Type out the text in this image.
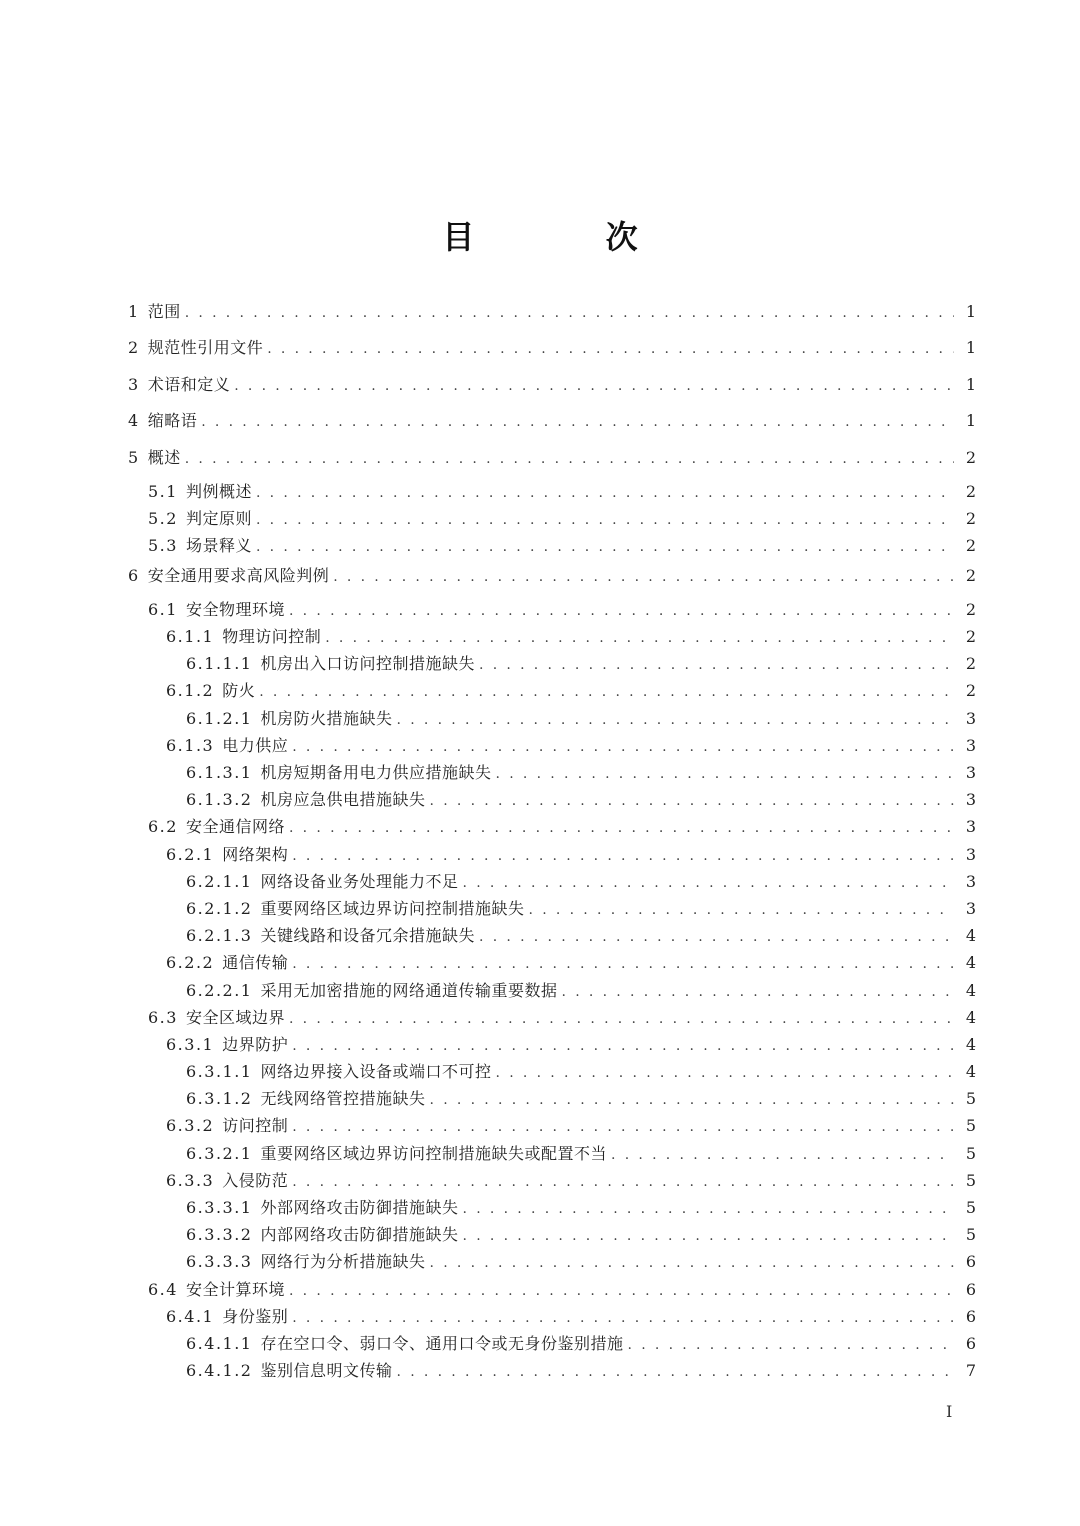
目 次
1 范围 . . .	1
2 规范性引用文件 . . .	1
3 术语和定义 . . .	1
4 缩略语 . . .	1
5 概述 . . .	2
5.1 判例概述 . . .	2
5.2 判定原则 . . .	2
5.3 场景释义 . . .	2
6 安全通用要求高风险判例 . . .	2
6.1 安全物理环境 . . .	2
6.1.1 物理访问控制 . . .	2
6.1.1.1 机房出入口访问控制措施缺失 . . .	2
6.1.2 防火 . . .	2
6.1.2.1 机房防火措施缺失 . . .	3
6.1.3 电力供应 . . .	3
6.1.3.1 机房短期备用电力供应措施缺失 . . .	3
6.1.3.2 机房应急供电措施缺失 . . .	3
6.2 安全通信网络 . . .	3
6.2.1 网络架构 . . .	3
6.2.1.1 网络设备业务处理能力不足 . . .	3
6.2.1.2 重要网络区域边界访问控制措施缺失 . . .	3
6.2.1.3 关键线路和设备冗余措施缺失 . . .	4
6.2.2 通信传输 . . .	4
6.2.2.1 采用无加密措施的网络通道传输重要数据 . . .	4
6.3 安全区域边界 . . .	4
6.3.1 边界防护 . . .	4
6.3.1.1 网络边界接入设备或端口不可控 . . .	4
6.3.1.2 无线网络管控措施缺失 . . .	5
6.3.2 访问控制 . . .	5
6.3.2.1 重要网络区域边界访问控制措施缺失或配置不当 . . .	5
6.3.3 入侵防范 . . .	5
6.3.3.1 外部网络攻击防御措施缺失 . . .	5
6.3.3.2 内部网络攻击防御措施缺失 . . .	5
6.3.3.3 网络行为分析措施缺失 . . .	6
6.4 安全计算环境 . . .	6
6.4.1 身份鉴别 . . .	6
6.4.1.1 存在空口令、弱口令、通用口令或无身份鉴别措施 . . .	6
6.4.1.2 鉴别信息明文传输 . . .	7
I
